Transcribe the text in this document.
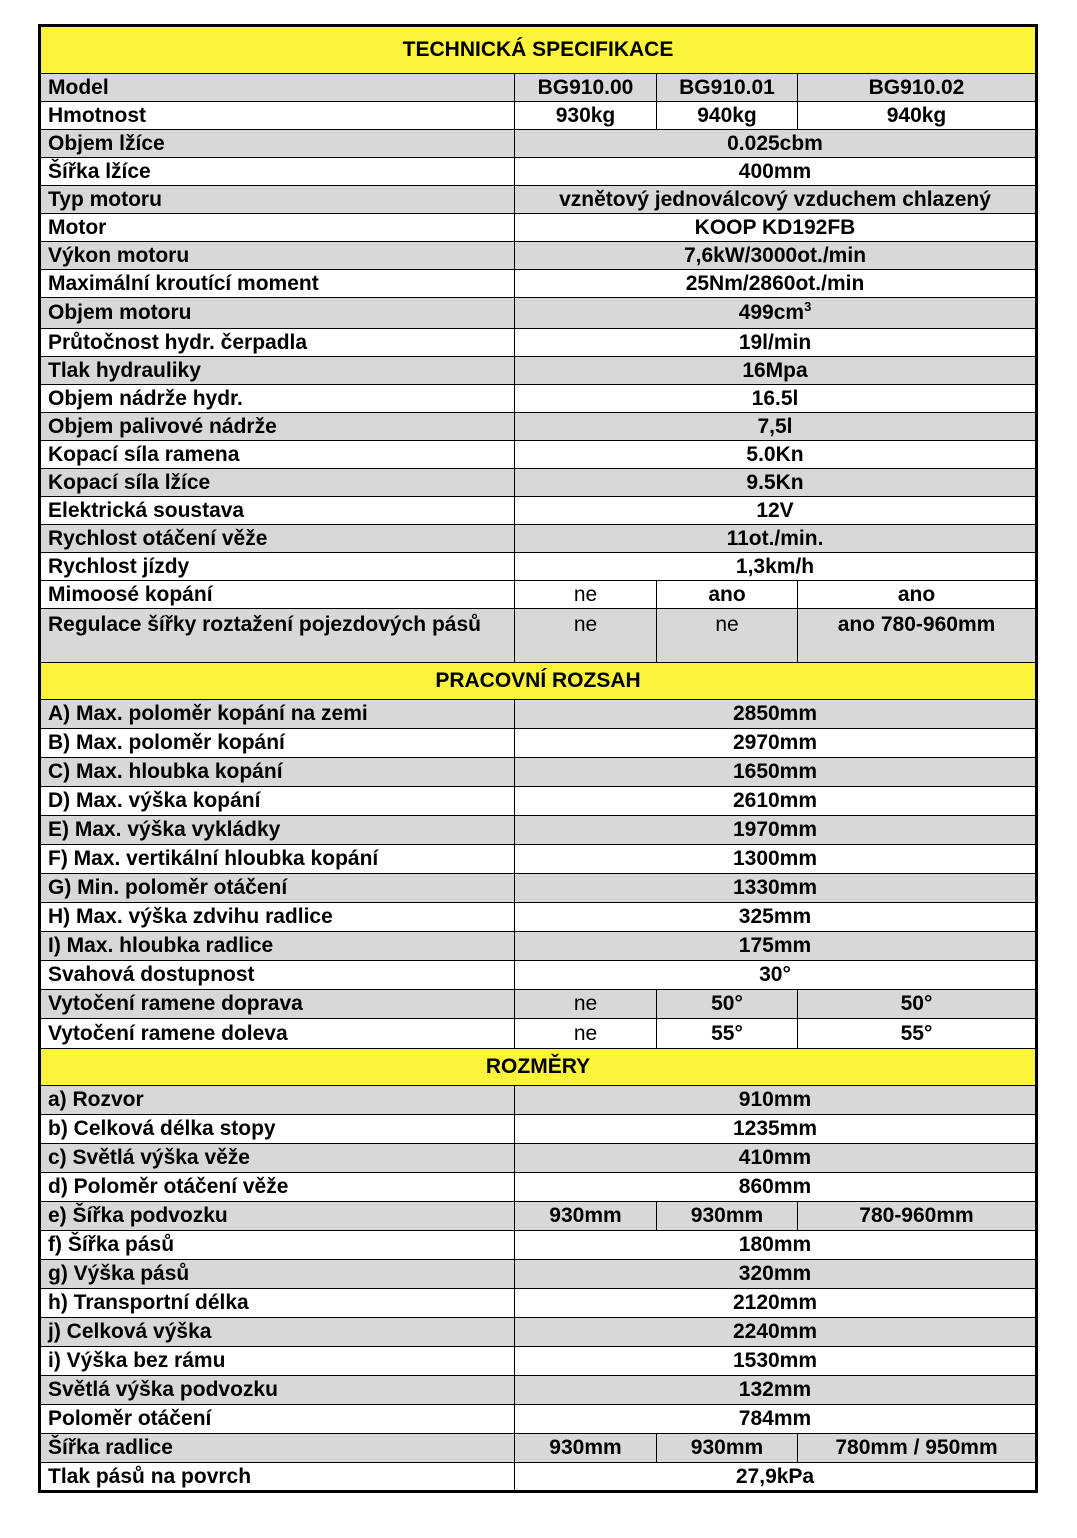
TECHNICKÁ SPECIFIKACE			
Model	BG910.00	BG910.01	BG910.02
Hmotnost	930kg	940kg	940kg
Objem lžíce	0.025cbm		
Šířka lžíce	400mm		
Typ motoru	vznětový jednoválcový vzduchem chlazený		
Motor	KOOP KD192FB		
Výkon motoru	7,6kW/3000ot./min		
Maximální kroutící moment	25Nm/2860ot./min		
Objem motoru	$499cm^3$
Průtočnost hydr. čerpadla	19l/min		
Tlak hydrauliky	16Mpa		
Objem nádrže hydr.	16.5l		
Objem palivové nádrže	7,5l		
Kopací síla ramena	5.0Kn		
Kopací síla lžíce	9.5Kn		
Elektrická soustava	12V		
Rychlost otáčení věže	11ot./min.		
Rychlost jízdy	1,3km/h		
Mimoosé kopání	ne	ano	ano
Regulace šířky roztažení pojezdových pásů	ne	ne	ano 780-960mm
PRACOVNÍ ROZSAH			
A) Max. poloměr kopání na zemi	2850mm		
B) Max. poloměr kopání	2970mm		
C) Max. hloubka kopání	1650mm		
D) Max. výška kopání	2610mm		
E) Max. výška vykládky	1970mm		
F) Max. vertikální hloubka kopání	1300mm		
G) Min. poloměr otáčení	1330mm		
H) Max. výška zdvihu radlice	325mm		
I) Max. hloubka radlice	175mm		
Svahová dostupnost	30°		
Vytočení ramene doprava	ne	50°	50°
Vytočení ramene doleva	ne	55°	55°
ROZMĚRY			
a) Rozvor	910mm		
b) Celková délka stopy	1235mm		
c) Světlá výška věže	410mm		
d) Poloměr otáčení věže	860mm		
e) Šířka podvozku	930mm	930mm	780-960mm
f) Šířka pásů	180mm		
g) Výška pásů	320mm		
h) Transportní délka	2120mm		
j) Celková výška	2240mm		
i) Výška bez rámu	1530mm		
Světlá výška podvozku	132mm		
Poloměr otáčení	784mm		
Šířka radlice	930mm	930mm	780mm / 950mm
Tlak pásů na povrch	27,9kPa		
